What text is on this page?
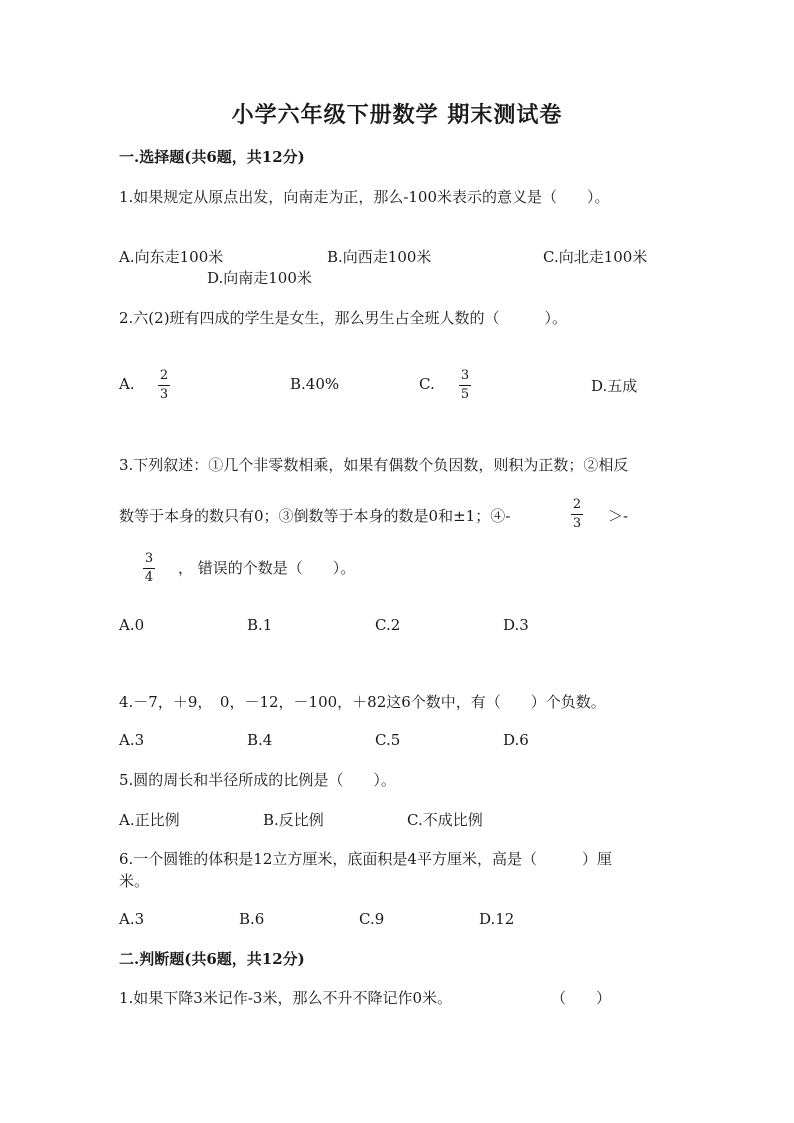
小学六年级下册数学 期末测试卷
一.选择题(共6题，共12分)
1.如果规定从原点出发，向南走为正，那么-100米表示的意义是（　　）。
A.向东走100米	B.向西走100米	C.向北走100米
D.向南走100米
2.六(2)班有四成的学生是女生，那么男生占全班人数的（　　　）。
A. 2
3
B.40%	C. 3
5	D.五成
3.下列叙述：①几个非零数相乘，如果有偶数个负因数，则积为正数；②相反
数等于本身的数只有0；③倒数等于本身的数是0和±1；④-
2
3 ＞-
3
4
， 错误的个数是（　　）。
A.0	B.1	C.2	D.3
4.－7，＋9，　0，－12，－100，＋82这6个数中，有（　　）个负数。
A.3	B.4	C.5	D.6
5.圆的周长和半径所成的比例是（　　）。
A.正比例	B.反比例	C.不成比例
6.一个圆锥的体积是12立方厘米，底面积是4平方厘米，高是（　　　）厘
米。
A.3	B.6	C.9	D.12
二.判断题(共6题，共12分)
1.如果下降3米记作-3米，那么不升不降记作0米。	（　　）
